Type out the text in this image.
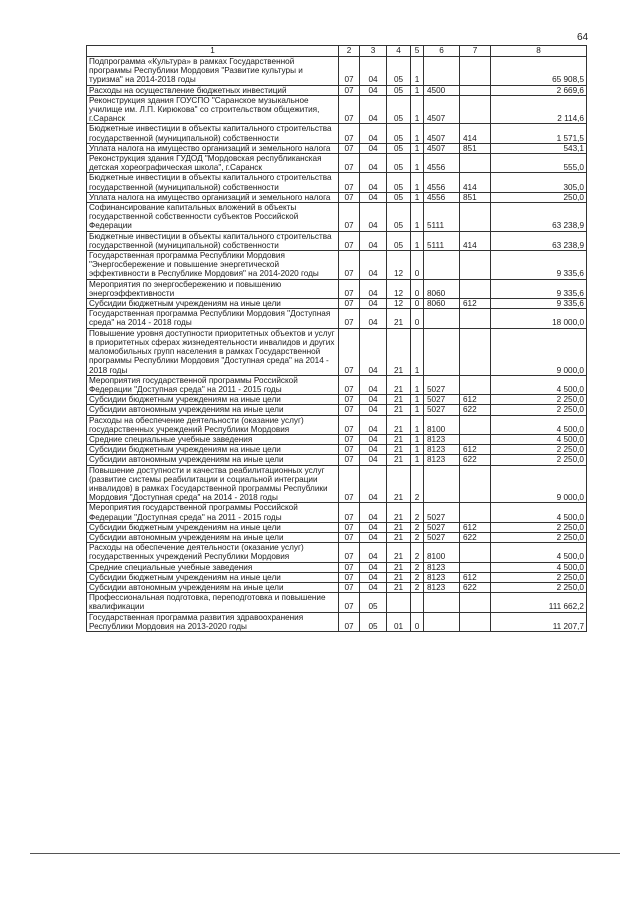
64
1	2	3	4	5	6	7	8
Подпрограмма «Культура» в рамках Государственной программы Республики Мордовия "Развитие культуры и туризма" на 2014-2018 годы	07	04	05	1			65 908,5
Расходы на осуществление бюджетных инвестиций	07	04	05	1	4500		2 669,6
Реконструкция здания ГОУСПО "Саранское музыкальное училище им. Л.П. Кирюкова" со строительством общежития, г.Саранск	07	04	05	1	4507		2 114,6
Бюджетные инвестиции в объекты капитального строительства государственной (муниципальной) собственности	07	04	05	1	4507	414	1 571,5
Уплата налога на имущество организаций и земельного налога	07	04	05	1	4507	851	543,1
Реконструкция здания ГУДОД "Мордовская республиканская детская хореографическая школа", г.Саранск	07	04	05	1	4556		555,0
Бюджетные инвестиции в объекты капитального строительства государственной (муниципальной) собственности	07	04	05	1	4556	414	305,0
Уплата налога на имущество организаций и земельного налога	07	04	05	1	4556	851	250,0
Софинансирование капитальных вложений в объекты государственной собственности субъектов Российской Федерации	07	04	05	1	5111		63 238,9
Бюджетные инвестиции в объекты капитального строительства государственной (муниципальной) собственности	07	04	05	1	5111	414	63 238,9
Государственная программа Республики Мордовия "Энергосбережение и повышение энергетической эффективности в Республике Мордовия" на 2014-2020 годы	07	04	12	0			9 335,6
Мероприятия по энергосбережению и повышению энергоэффективности	07	04	12	0	8060		9 335,6
Субсидии бюджетным учреждениям на иные цели	07	04	12	0	8060	612	9 335,6
Государственная программа Республики Мордовия "Доступная среда" на 2014 - 2018 годы	07	04	21	0			18 000,0
Повышение уровня доступности приоритетных объектов и услуг в приоритетных сферах жизнедеятельности инвалидов и других маломобильных групп населения в рамках Государственной программы Республики Мордовия "Доступная среда" на 2014 - 2018 годы	07	04	21	1			9 000,0
Мероприятия государственной программы Российской Федерации "Доступная среда" на 2011 - 2015 годы	07	04	21	1	5027		4 500,0
Субсидии бюджетным учреждениям на иные цели	07	04	21	1	5027	612	2 250,0
Субсидии автономным учреждениям на иные цели	07	04	21	1	5027	622	2 250,0
Расходы на обеспечение деятельности (оказание услуг) государственных учреждений Республики Мордовия	07	04	21	1	8100		4 500,0
Средние специальные учебные заведения	07	04	21	1	8123		4 500,0
Субсидии бюджетным учреждениям на иные цели	07	04	21	1	8123	612	2 250,0
Субсидии автономным учреждениям на иные цели	07	04	21	1	8123	622	2 250,0
Повышение доступности и качества реабилитационных услуг (развитие системы реабилитации и социальной интеграции инвалидов) в рамках Государственной программы Республики Мордовия "Доступная среда" на 2014 - 2018 годы	07	04	21	2			9 000,0
Мероприятия государственной программы Российской Федерации "Доступная среда" на 2011 - 2015 годы	07	04	21	2	5027		4 500,0
Субсидии бюджетным учреждениям на иные цели	07	04	21	2	5027	612	2 250,0
Субсидии автономным учреждениям на иные цели	07	04	21	2	5027	622	2 250,0
Расходы на обеспечение деятельности (оказание услуг) государственных учреждений Республики Мордовия	07	04	21	2	8100		4 500,0
Средние специальные учебные заведения	07	04	21	2	8123		4 500,0
Субсидии бюджетным учреждениям на иные цели	07	04	21	2	8123	612	2 250,0
Субсидии автономным учреждениям на иные цели	07	04	21	2	8123	622	2 250,0
Профессиональная подготовка, переподготовка и повышение квалификации	07	05					111 662,2
Государственная программа развития здравоохранения Республики Мордовия на 2013-2020 годы	07	05	01	0			11 207,7
